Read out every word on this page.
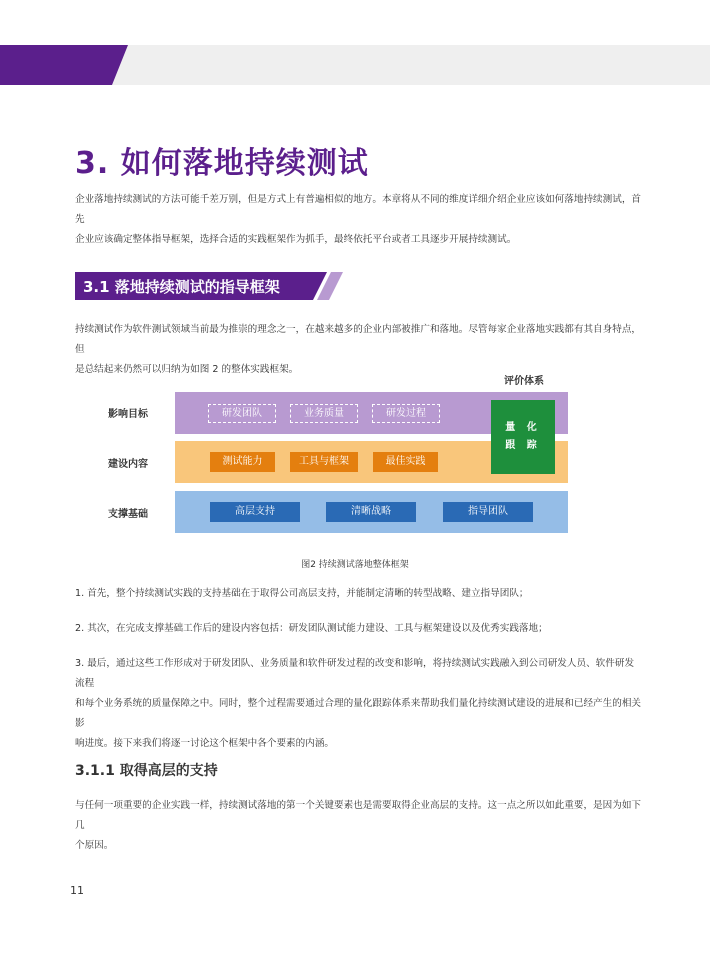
3. 如何落地持续测试
企业落地持续测试的方法可能千差万别，但是方式上有普遍相似的地方。本章将从不同的维度详细介绍企业应该如何落地持续测试，首先
企业应该确定整体指导框架，选择合适的实践框架作为抓手，最终依托平台或者工具逐步开展持续测试。
3.1 落地持续测试的指导框架
持续测试作为软件测试领域当前最为推崇的理念之一，在越来越多的企业内部被推广和落地。尽管每家企业落地实践都有其自身特点，但
是总结起来仍然可以归纳为如图 2 的整体实践框架。
评价体系
影响目标
建设内容
支撑基础
研发团队	业务质量	研发过程
测试能力	工具与框架	最佳实践
高层支持	清晰战略	指导团队
量 化
跟 踪
图2 持续测试落地整体框架
1. 首先，整个持续测试实践的支持基础在于取得公司高层支持，并能制定清晰的转型战略、建立指导团队；
2. 其次，在完成支撑基础工作后的建设内容包括：研发团队测试能力建设、工具与框架建设以及优秀实践落地；
3. 最后，通过这些工作形成对于研发团队、业务质量和软件研发过程的改变和影响，将持续测试实践融入到公司研发人员、软件研发流程
和每个业务系统的质量保障之中。同时，整个过程需要通过合理的量化跟踪体系来帮助我们量化持续测试建设的进展和已经产生的相关影
响进度。接下来我们将逐一讨论这个框架中各个要素的内涵。
3.1.1 取得高层的支持
与任何一项重要的企业实践一样，持续测试落地的第一个关键要素也是需要取得企业高层的支持。这一点之所以如此重要，是因为如下几
个原因。
11
